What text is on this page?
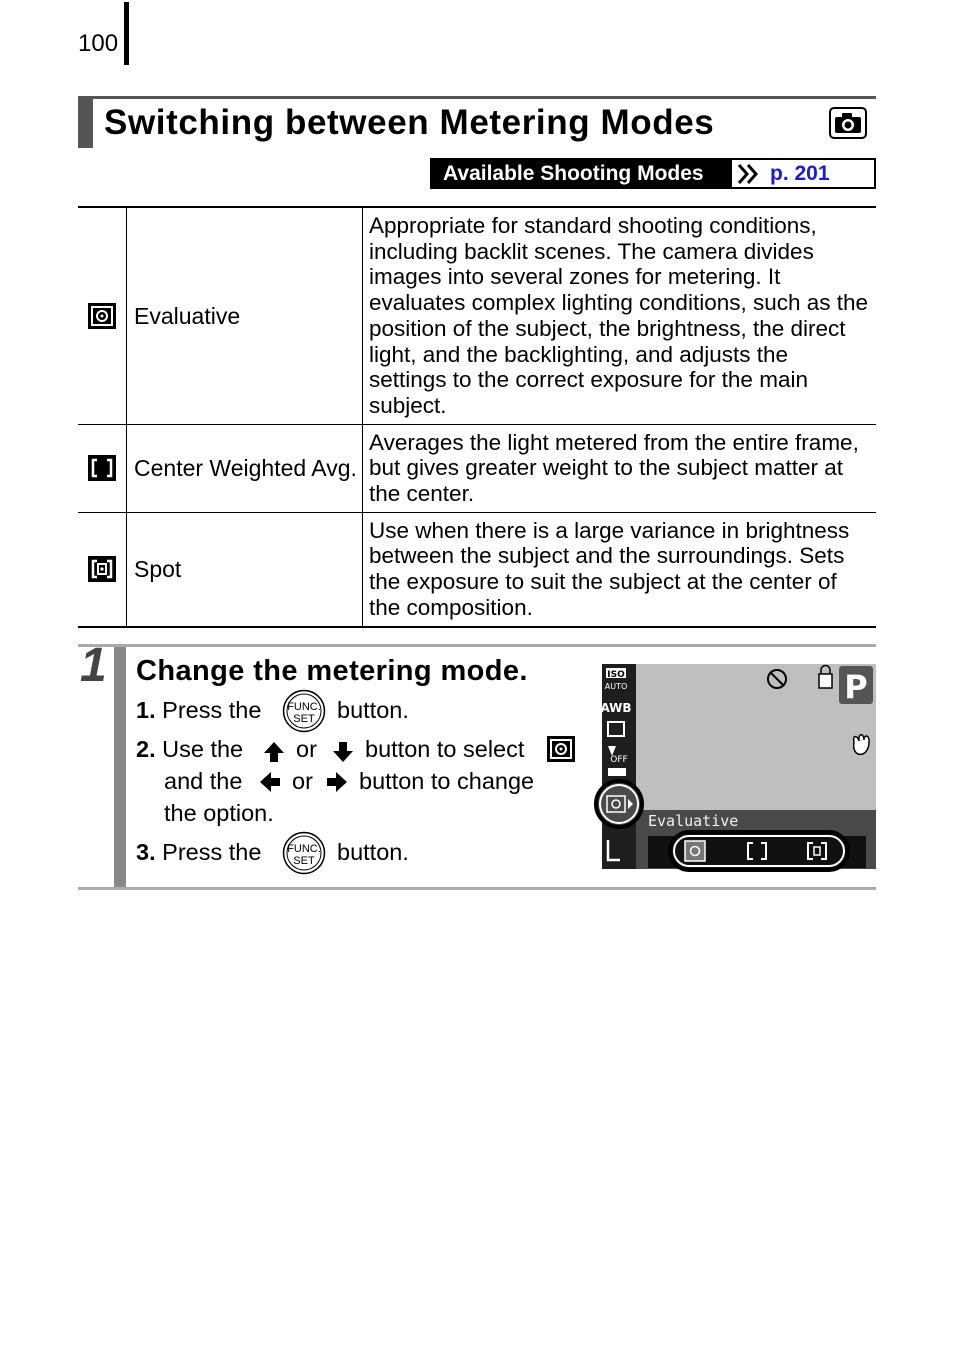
100
Switching between Metering Modes
Available Shooting Modes	p. 201
	Evaluative	Appropriate for standard shooting conditions, including backlit scenes. The camera divides images into several zones for metering. It evaluates complex lighting conditions, such as the position of the subject, the brightness, the direct light, and the backlighting, and adjusts the settings to the correct exposure for the main subject.
	Center Weighted Avg.	Averages the light metered from the entire frame, but gives greater weight to the subject matter at the center.
	Spot	Use when there is a large variance in brightness between the subject and the surroundings. Sets the exposure to suit the subject at the center of the composition.
1 Change the metering mode.
1. Press the FUNC.
SET button.
2. Use the or button to select
and the or button to change
the option.
3. Press the FUNC.
SET button.
P
ISO
AUTO
AWB
OFF
Evaluative
